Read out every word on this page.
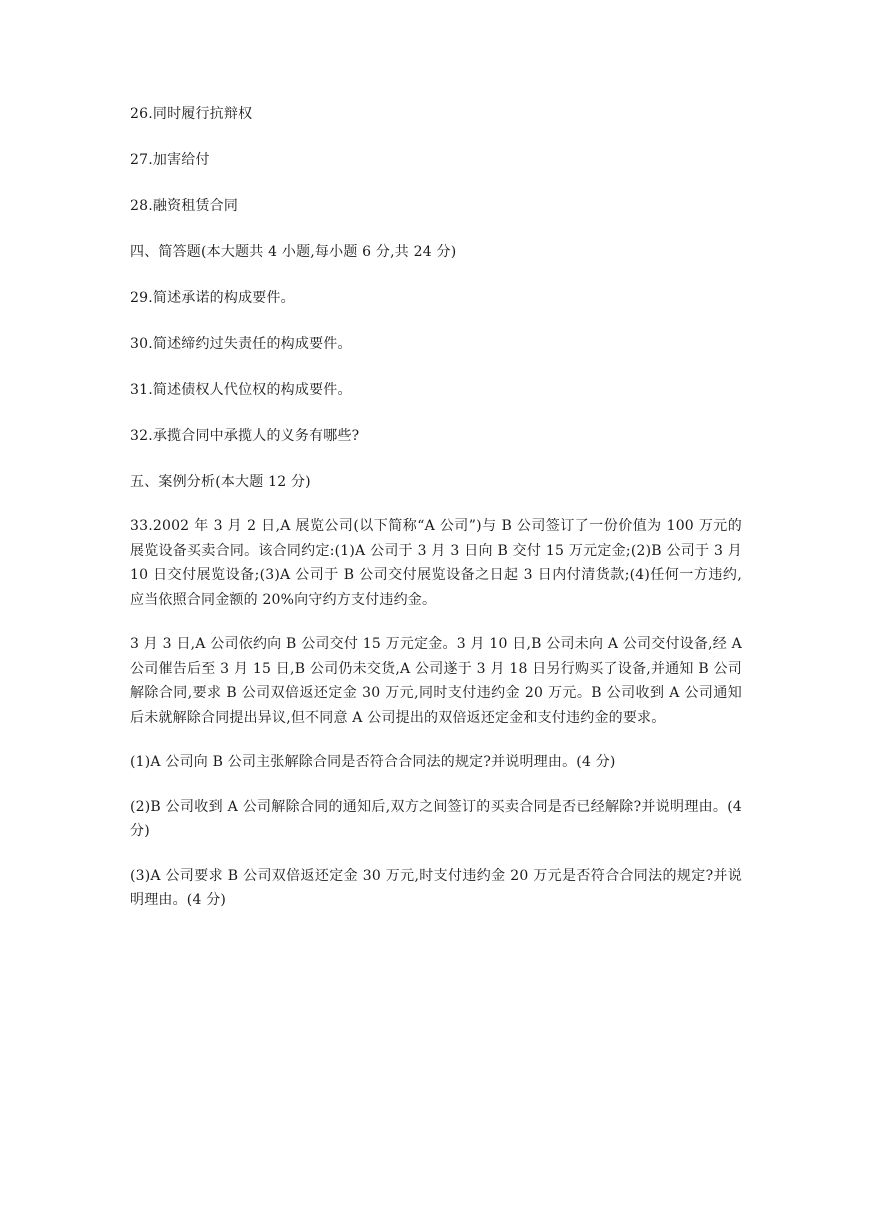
26.同时履行抗辩权
27.加害给付
28.融资租赁合同
四、简答题(本大题共 4 小题,每小题 6 分,共 24 分)
29.简述承诺的构成要件。
30.简述缔约过失责任的构成要件。
31.简述债权人代位权的构成要件。
32.承揽合同中承揽人的义务有哪些?
五、案例分析(本大题 12 分)
33.2002 年 3 月 2 日,A 展览公司(以下简称“A 公司”)与 B 公司签订了一份价值为 100 万元的展览设备买卖合同。该合同约定:(1)A 公司于 3 月 3 日向 B 交付 15 万元定金;(2)B 公司于 3 月 10 日交付展览设备;(3)A 公司于 B 公司交付展览设备之日起 3 日内付清货款;(4)任何一方违约,应当依照合同金额的 20%向守约方支付违约金。
3 月 3 日,A 公司依约向 B 公司交付 15 万元定金。3 月 10 日,B 公司未向 A 公司交付设备,经 A 公司催告后至 3 月 15 日,B 公司仍未交货,A 公司遂于 3 月 18 日另行购买了设备,并通知 B 公司解除合同,要求 B 公司双倍返还定金 30 万元,同时支付违约金 20 万元。B 公司收到 A 公司通知后未就解除合同提出异议,但不同意 A 公司提出的双倍返还定金和支付违约金的要求。
(1)A 公司向 B 公司主张解除合同是否符合合同法的规定?并说明理由。(4 分)
(2)B 公司收到 A 公司解除合同的通知后,双方之间签订的买卖合同是否已经解除?并说明理由。(4 分)
(3)A 公司要求 B 公司双倍返还定金 30 万元,时支付违约金 20 万元是否符合合同法的规定?并说明理由。(4 分)
